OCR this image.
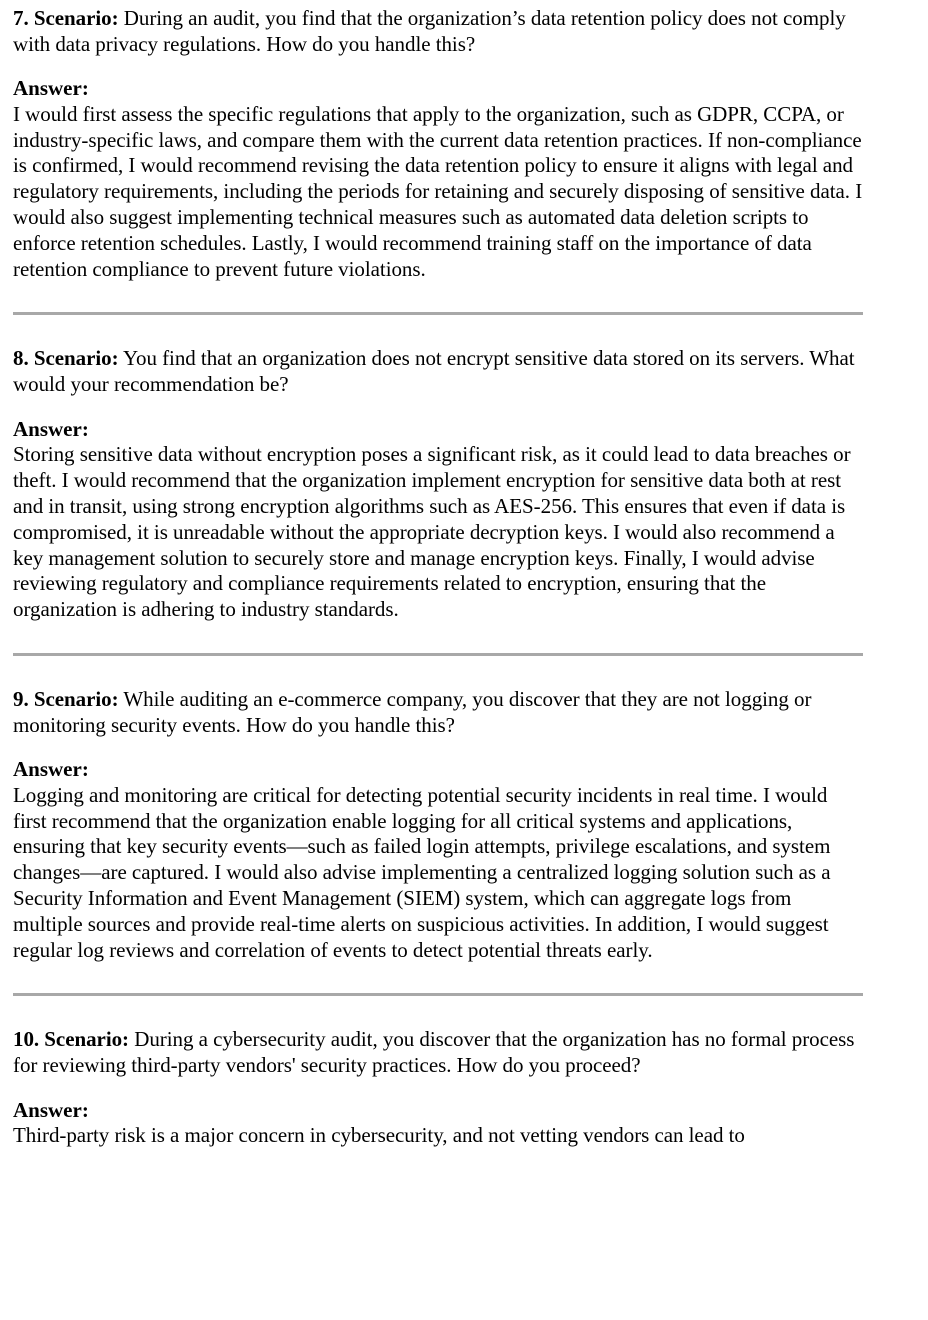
7. Scenario: During an audit, you find that the organization’s data retention policy does not comply with data privacy regulations. How do you handle this?

Answer:

I would first assess the specific regulations that apply to the organization, such as GDPR, CCPA, or industry-specific laws, and compare them with the current data retention practices. If non-compliance is confirmed, I would recommend revising the data retention policy to ensure it aligns with legal and regulatory requirements, including the periods for retaining and securely disposing of sensitive data. I would also suggest implementing technical measures such as automated data deletion scripts to enforce retention schedules. Lastly, I would recommend training staff on the importance of data retention compliance to prevent future violations.

8. Scenario: You find that an organization does not encrypt sensitive data stored on its servers. What would your recommendation be?

Answer:

Storing sensitive data without encryption poses a significant risk, as it could lead to data breaches or theft. I would recommend that the organization implement encryption for sensitive data both at rest and in transit, using strong encryption algorithms such as AES-256. This ensures that even if data is compromised, it is unreadable without the appropriate decryption keys. I would also recommend a key management solution to securely store and manage encryption keys. Finally, I would advise reviewing regulatory and compliance requirements related to encryption, ensuring that the organization is adhering to industry standards.

9. Scenario: While auditing an e-commerce company, you discover that they are not logging or monitoring security events. How do you handle this?

Answer:

Logging and monitoring are critical for detecting potential security incidents in real time. I would first recommend that the organization enable logging for all critical systems and applications, ensuring that key security events—such as failed login attempts, privilege escalations, and system changes—are captured. I would also advise implementing a centralized logging solution such as a Security Information and Event Management (SIEM) system, which can aggregate logs from multiple sources and provide real-time alerts on suspicious activities. In addition, I would suggest regular log reviews and correlation of events to detect potential threats early.

10. Scenario: During a cybersecurity audit, you discover that the organization has no formal process for reviewing third-party vendors' security practices. How do you proceed?

Answer:

Third-party risk is a major concern in cybersecurity, and not vetting vendors can lead to
